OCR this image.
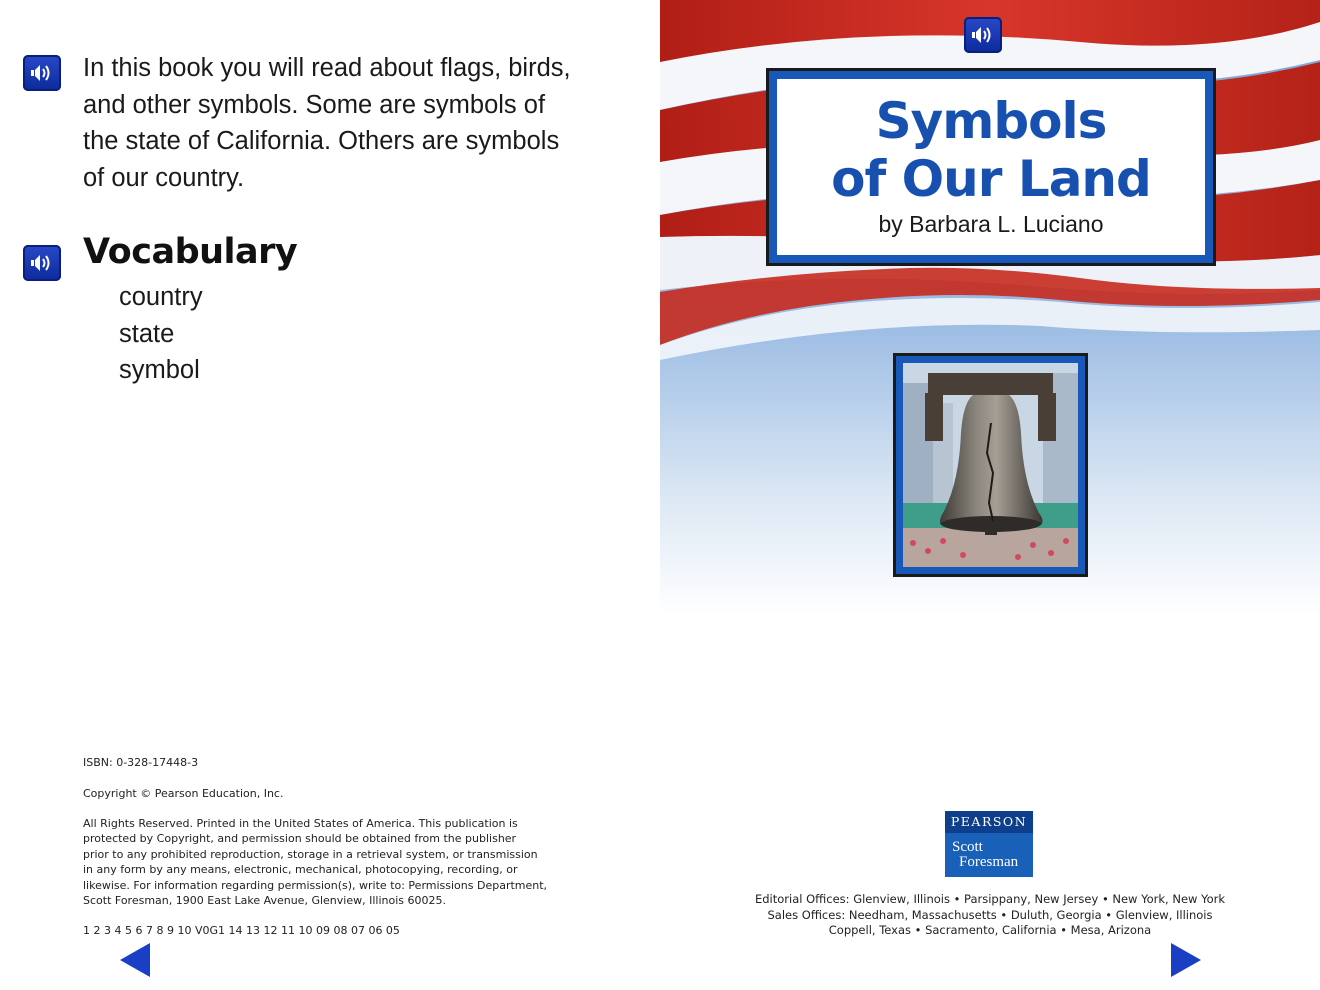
In this book you will read about flags, birds, and other symbols. Some are symbols of the state of California. Others are symbols of our country.

Vocabulary
country
state
symbol

ISBN: 0-328-17448-3

Copyright © Pearson Education, Inc.

All Rights Reserved. Printed in the United States of America. This publication is
protected by Copyright, and permission should be obtained from the publisher
prior to any prohibited reproduction, storage in a retrieval system, or transmission
in any form by any means, electronic, mechanical, photocopying, recording, or
likewise. For information regarding permission(s), write to: Permissions Department,
Scott Foresman, 1900 East Lake Avenue, Glenview, Illinois 60025.

1 2 3 4 5 6 7 8 9 10 V0G1 14 13 12 11 10 09 08 07 06 05

Symbols
of Our Land

by Barbara L. Luciano

PEARSON
Scott
Foresman
Editorial Offices: Glenview, Illinois • Parsippany, New Jersey • New York, New York
Sales Offices: Needham, Massachusetts • Duluth, Georgia • Glenview, Illinois
Coppell, Texas • Sacramento, California • Mesa, Arizona
